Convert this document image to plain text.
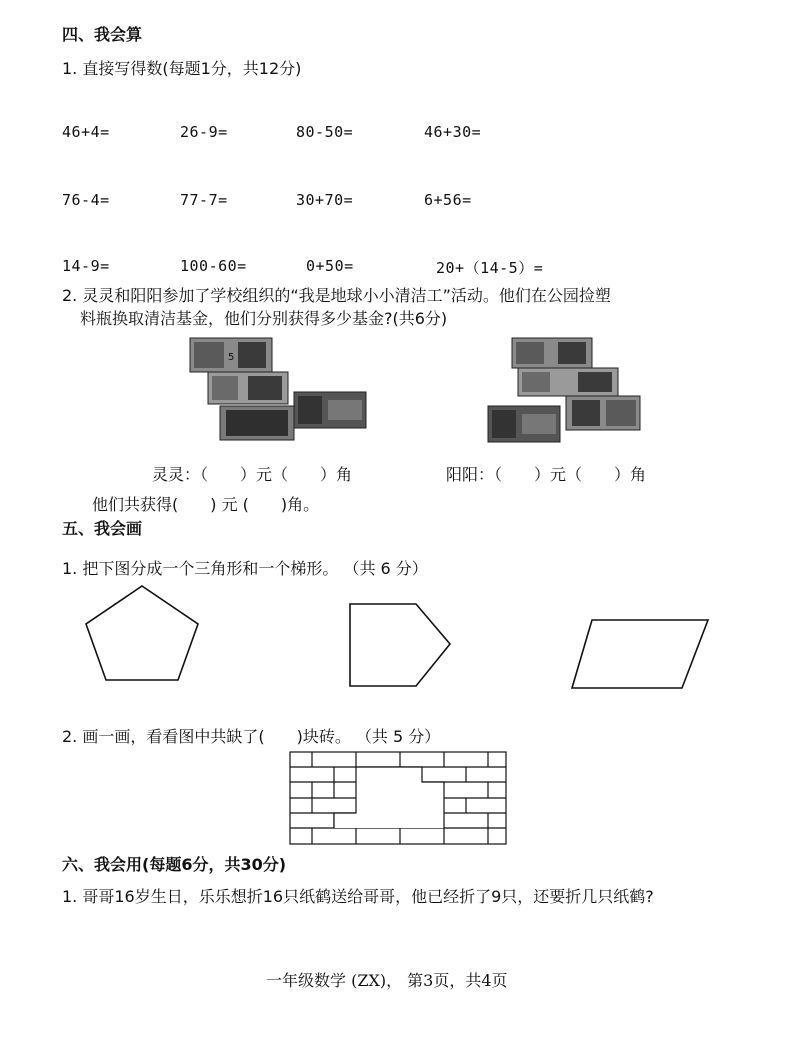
四、我会算
1. 直接写得数(每题1分，共12分)
46+4=	26-9=	80-50=	46+30=
76-4=	77-7=	30+70=	6+56=
14-9=	100-60=	0+50=	20+（14-5）=
2. 灵灵和阳阳参加了学校组织的“我是地球小小清洁工”活动。他们在公园捡塑
料瓶换取清洁基金，他们分别获得多少基金?(共6分)
5
灵灵：（　　）元（　　）角	阳阳：（　　）元（　　）角
他们共获得(　　) 元 (　　)角。
五、我会画
1. 把下图分成一个三角形和一个梯形。 （共 6 分）
2. 画一画，看看图中共缺了(　　)块砖。 （共 5 分）
六、我会用(每题6分，共30分)
1. 哥哥16岁生日，乐乐想折16只纸鹤送给哥哥，他已经折了9只，还要折几只纸鹤?
一年级数学 (ZX)， 第3页，共4页
